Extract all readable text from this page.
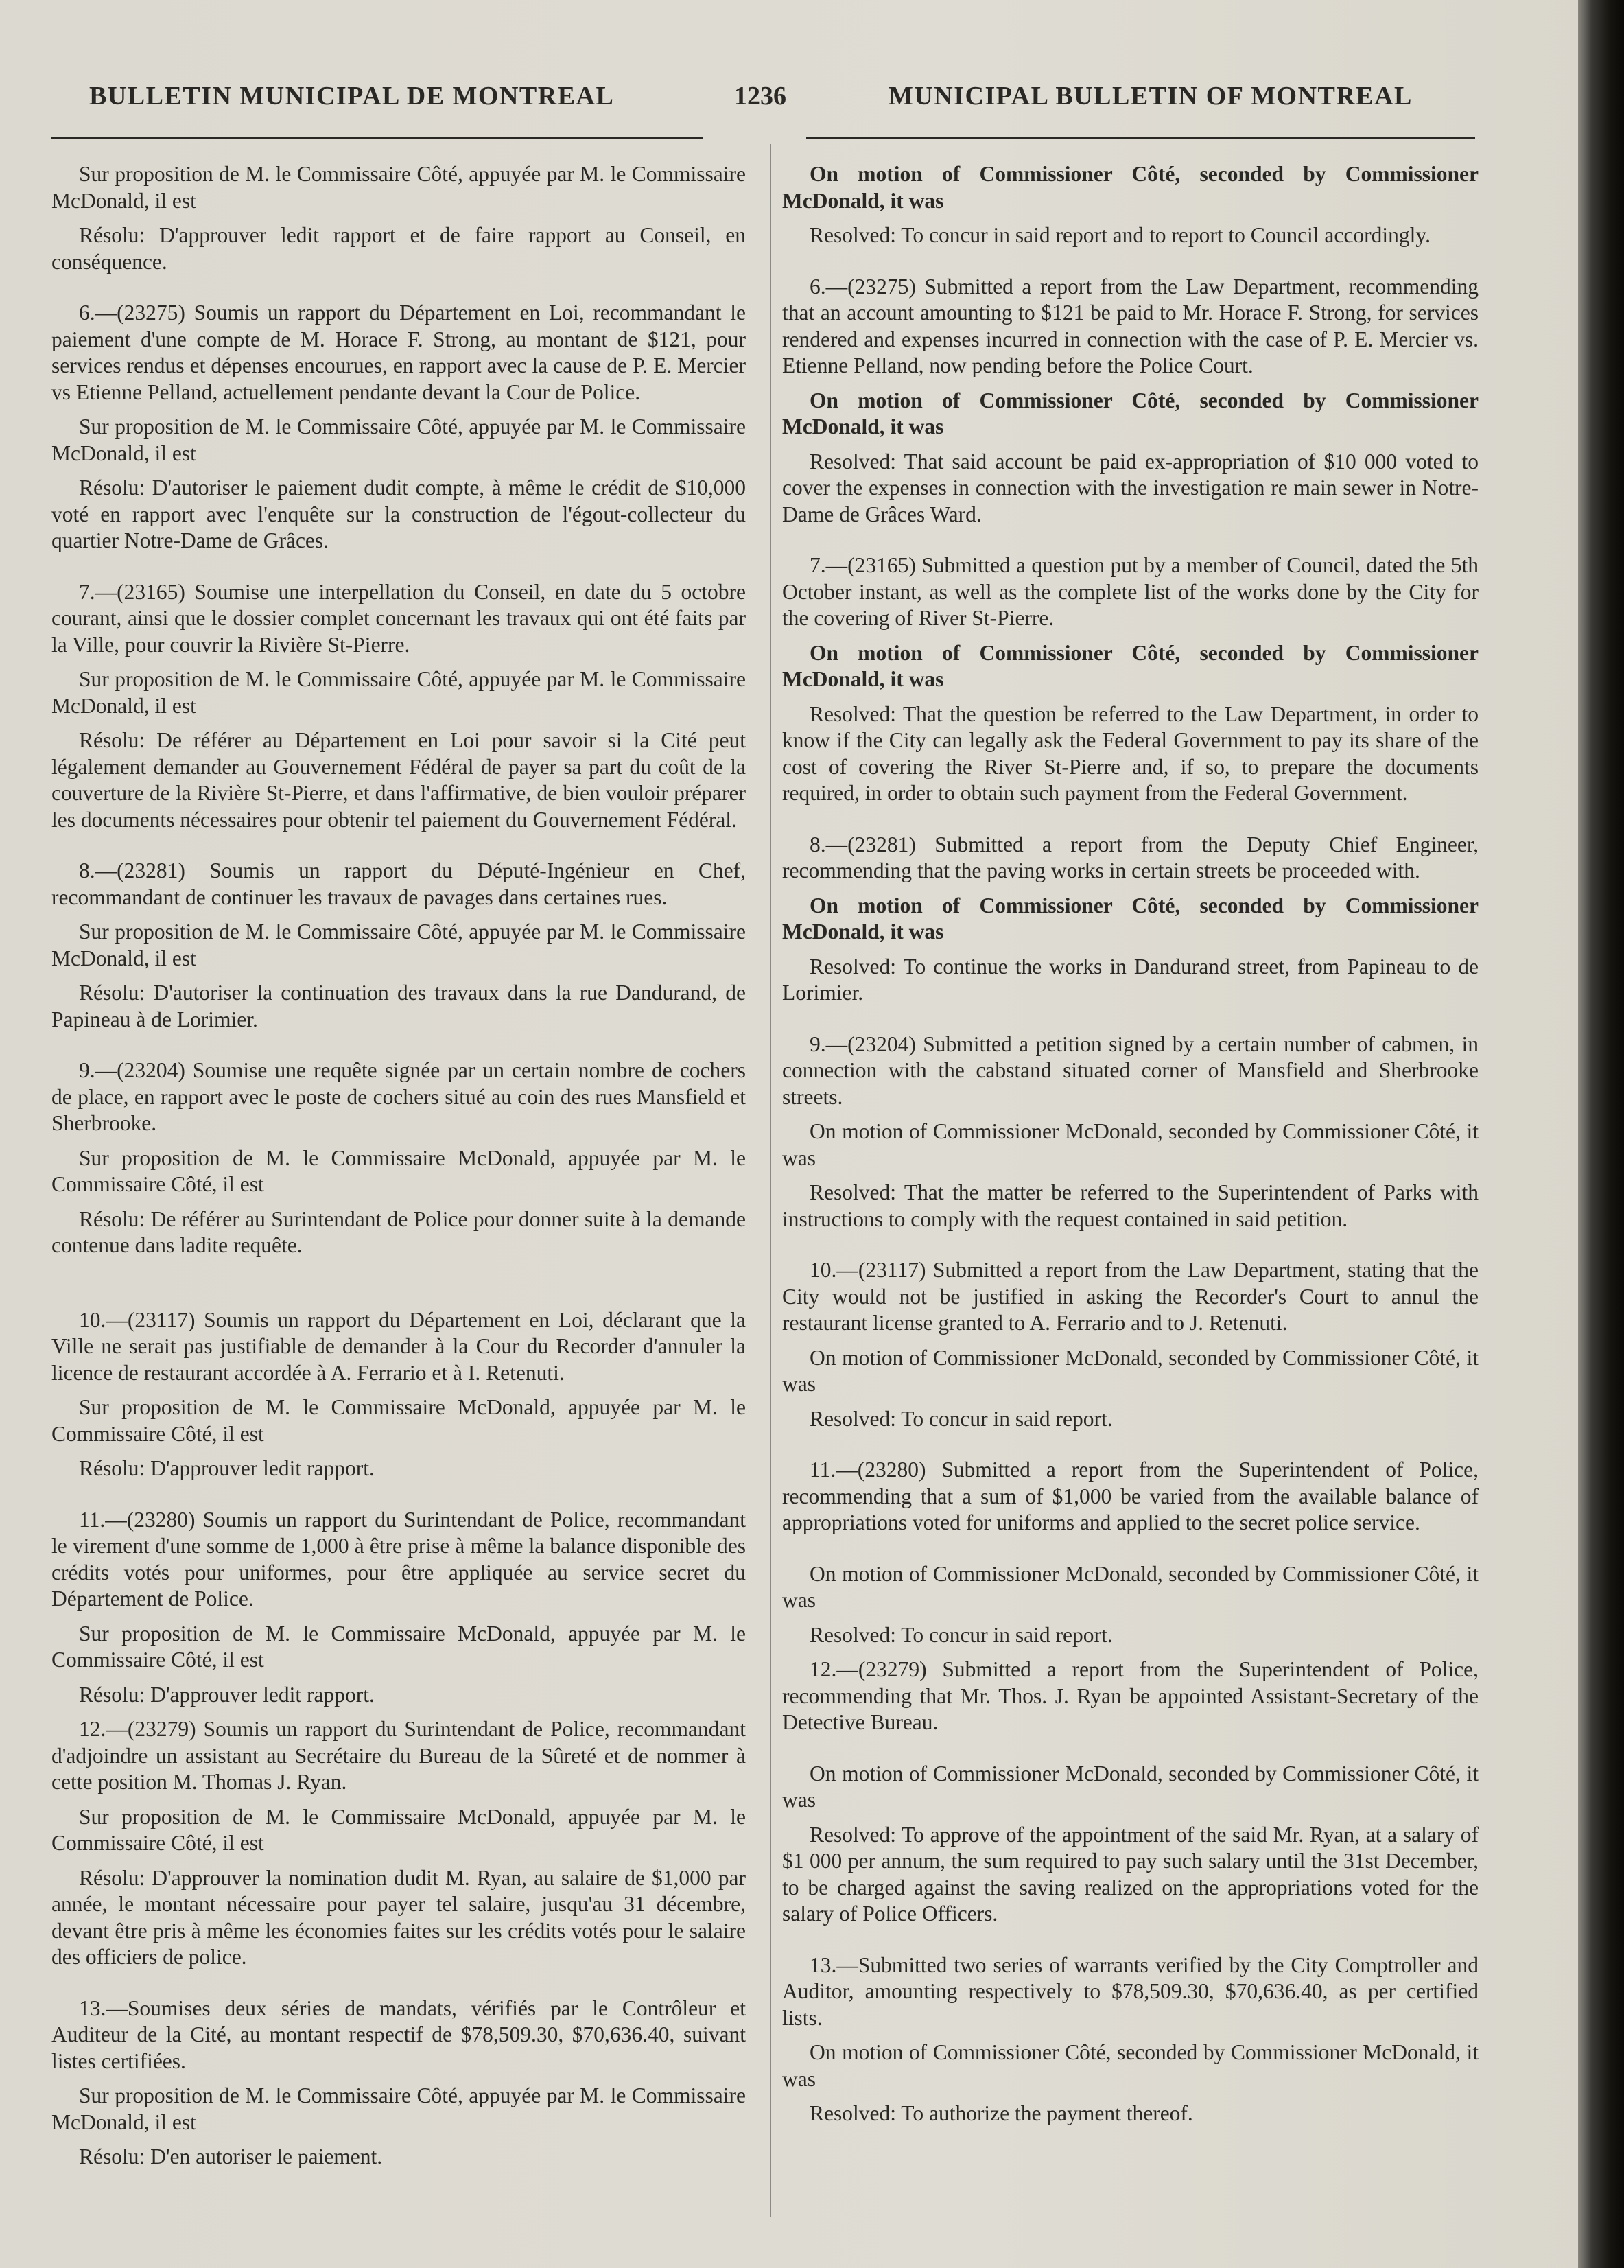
BULLETIN MUNICIPAL DE MONTREAL	1236	MUNICIPAL BULLETIN OF MONTREAL

Sur proposition de M. le Commissaire Côté, appuyée par M. le Commissaire McDonald, il est

Résolu: D'approuver ledit rapport et de faire rapport au Conseil, en conséquence.

6.—(23275) Soumis un rapport du Département en Loi, recommandant le paiement d'une compte de M. Horace F. Strong, au montant de $121, pour services rendus et dépenses encourues, en rapport avec la cause de P. E. Mercier vs Etienne Pelland, actuellement pendante devant la Cour de Police.

Sur proposition de M. le Commissaire Côté, appuyée par M. le Commissaire McDonald, il est

Résolu: D'autoriser le paiement dudit compte, à même le crédit de $10,000 voté en rapport avec l'enquête sur la construction de l'égout-collecteur du quartier Notre-Dame de Grâces.

7.—(23165) Soumise une interpellation du Conseil, en date du 5 octobre courant, ainsi que le dossier complet concernant les travaux qui ont été faits par la Ville, pour couvrir la Rivière St-Pierre.

Sur proposition de M. le Commissaire Côté, appuyée par M. le Commissaire McDonald, il est

Résolu: De référer au Département en Loi pour savoir si la Cité peut légalement demander au Gouvernement Fédéral de payer sa part du coût de la couverture de la Rivière St-Pierre, et dans l'affirmative, de bien vouloir préparer les documents nécessaires pour obtenir tel paiement du Gouvernement Fédéral.

8.—(23281) Soumis un rapport du Député-Ingénieur en Chef, recommandant de continuer les travaux de pavages dans certaines rues.

Sur proposition de M. le Commissaire Côté, appuyée par M. le Commissaire McDonald, il est

Résolu: D'autoriser la continuation des travaux dans la rue Dandurand, de Papineau à de Lorimier.

9.—(23204) Soumise une requête signée par un certain nombre de cochers de place, en rapport avec le poste de cochers situé au coin des rues Mansfield et Sherbrooke.

Sur proposition de M. le Commissaire McDonald, appuyée par M. le Commissaire Côté, il est

Résolu: De référer au Surintendant de Police pour donner suite à la demande contenue dans ladite requête.

10.—(23117) Soumis un rapport du Département en Loi, déclarant que la Ville ne serait pas justifiable de demander à la Cour du Recorder d'annuler la licence de restaurant accordée à A. Ferrario et à I. Retenuti.

Sur proposition de M. le Commissaire McDonald, appuyée par M. le Commissaire Côté, il est

Résolu: D'approuver ledit rapport.

11.—(23280) Soumis un rapport du Surintendant de Police, recommandant le virement d'une somme de 1,000 à être prise à même la balance disponible des crédits votés pour uniformes, pour être appliquée au service secret du Département de Police.

Sur proposition de M. le Commissaire McDonald, appuyée par M. le Commissaire Côté, il est

Résolu: D'approuver ledit rapport.

12.—(23279) Soumis un rapport du Surintendant de Police, recommandant d'adjoindre un assistant au Secrétaire du Bureau de la Sûreté et de nommer à cette position M. Thomas J. Ryan.

Sur proposition de M. le Commissaire McDonald, appuyée par M. le Commissaire Côté, il est

Résolu: D'approuver la nomination dudit M. Ryan, au salaire de $1,000 par année, le montant nécessaire pour payer tel salaire, jusqu'au 31 décembre, devant être pris à même les économies faites sur les crédits votés pour le salaire des officiers de police.

13.—Soumises deux séries de mandats, vérifiés par le Contrôleur et Auditeur de la Cité, au montant respectif de $78,509.30, $70,636.40, suivant listes certifiées.

Sur proposition de M. le Commissaire Côté, appuyée par M. le Commissaire McDonald, il est

Résolu: D'en autoriser le paiement.

On motion of Commissioner Côté, seconded by Commissioner McDonald, it was

Resolved: To concur in said report and to report to Council accordingly.

6.—(23275) Submitted a report from the Law Department, recommending that an account amounting to $121 be paid to Mr. Horace F. Strong, for services rendered and expenses incurred in connection with the case of P. E. Mercier vs. Etienne Pelland, now pending before the Police Court.

On motion of Commissioner Côté, seconded by Commissioner McDonald, it was

Resolved: That said account be paid ex-appropriation of $10 000 voted to cover the expenses in connection with the investigation re main sewer in Notre-Dame de Grâces Ward.

7.—(23165) Submitted a question put by a member of Council, dated the 5th October instant, as well as the complete list of the works done by the City for the covering of River St-Pierre.

On motion of Commissioner Côté, seconded by Commissioner McDonald, it was

Resolved: That the question be referred to the Law Department, in order to know if the City can legally ask the Federal Government to pay its share of the cost of covering the River St-Pierre and, if so, to prepare the documents required, in order to obtain such payment from the Federal Government.

8.—(23281) Submitted a report from the Deputy Chief Engineer, recommending that the paving works in certain streets be proceeded with.

On motion of Commissioner Côté, seconded by Commissioner McDonald, it was

Resolved: To continue the works in Dandurand street, from Papineau to de Lorimier.

9.—(23204) Submitted a petition signed by a certain number of cabmen, in connection with the cabstand situated corner of Mansfield and Sherbrooke streets.

On motion of Commissioner McDonald, seconded by Commissioner Côté, it was

Resolved: That the matter be referred to the Superintendent of Parks with instructions to comply with the request contained in said petition.

10.—(23117) Submitted a report from the Law Department, stating that the City would not be justified in asking the Recorder's Court to annul the restaurant license granted to A. Ferrario and to J. Retenuti.

On motion of Commissioner McDonald, seconded by Commissioner Côté, it was

Resolved: To concur in said report.

11.—(23280) Submitted a report from the Superintendent of Police, recommending that a sum of $1,000 be varied from the available balance of appropriations voted for uniforms and applied to the secret police service.

On motion of Commissioner McDonald, seconded by Commissioner Côté, it was

Resolved: To concur in said report.

12.—(23279) Submitted a report from the Superintendent of Police, recommending that Mr. Thos. J. Ryan be appointed Assistant-Secretary of the Detective Bureau.

On motion of Commissioner McDonald, seconded by Commissioner Côté, it was

Resolved: To approve of the appointment of the said Mr. Ryan, at a salary of $1 000 per annum, the sum required to pay such salary until the 31st December, to be charged against the saving realized on the appropriations voted for the salary of Police Officers.

13.—Submitted two series of warrants verified by the City Comptroller and Auditor, amounting respectively to $78,509.30, $70,636.40, as per certified lists.

On motion of Commissioner Côté, seconded by Commissioner McDonald, it was

Resolved: To authorize the payment thereof.
